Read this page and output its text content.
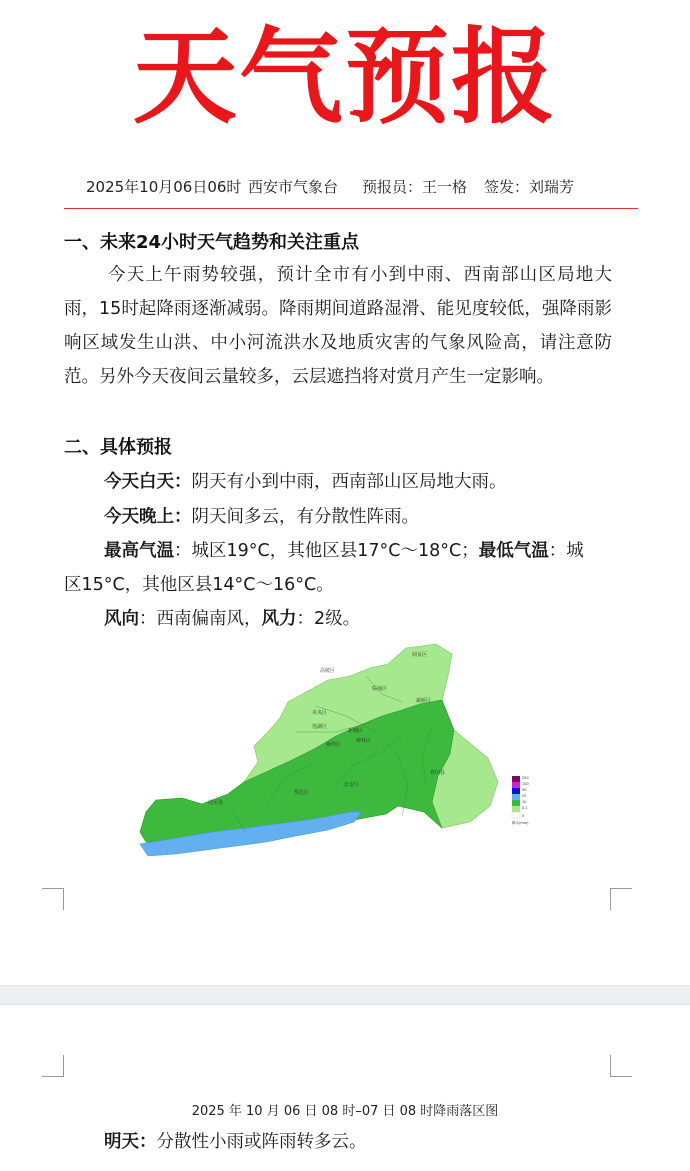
天气预报
2025年10月06日06时 西安市气象台	预报员：王一格	签发：刘瑞芳
一、未来24小时天气趋势和关注重点
今天上午雨势较强，预计全市有小到中雨、西南部山区局地大雨，15时起降雨逐渐减弱。降雨期间道路湿滑、能见度较低，强降雨影响区域发生山洪、中小河流洪水及地质灾害的气象风险高，请注意防范。另外今天夜间云量较多，云层遮挡将对赏月产生一定影响。
二、具体预报
今天白天：阴天有小到中雨，西南部山区局地大雨。
今天晚上：阴天间多云，有分散性阵雨。
最高气温：城区19°C，其他区县17°C～18°C；最低气温：城
区15°C，其他区县14°C～16°C。
风向：西南偏南风，风力：2级。
阎良区
临潼区
灞桥区
高陵区
周至县
鄠邑区
长安区
蓝田县
未央区
新城区
雁塔区
莲湖区
碑林区
250
100
50
25
10
0.1
0
降水(mm)
2025 年 10 月 06 日 08 时–07 日 08 时降雨落区图
明天：分散性小雨或阵雨转多云。
